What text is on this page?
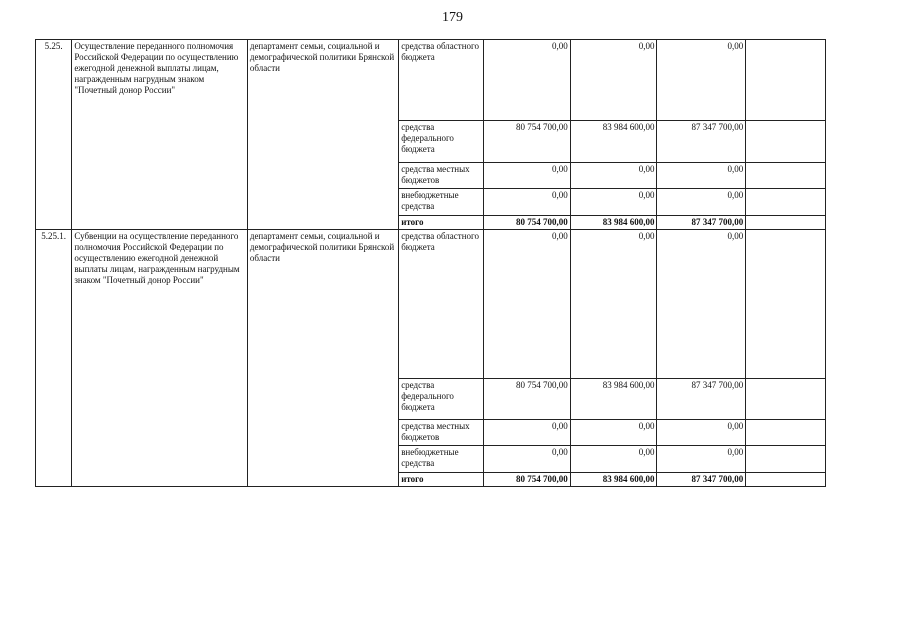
179
5.25.	Осуществление переданного полномочия Российской Федерации по осуществлению ежегодной денежной выплаты лицам, награжденным нагрудным знаком "Почетный донор России"	департамент семьи, социальной и демографической политики Брянской области	средства областного бюджета	0,00	0,00	0,00	
			средства федерального бюджета	80 754 700,00	83 984 600,00	87 347 700,00	
			средства местных бюджетов	0,00	0,00	0,00	
			внебюджетные средства	0,00	0,00	0,00	
			итого	80 754 700,00	83 984 600,00	87 347 700,00	
5.25.1.	Субвенции на осуществление переданного полномочия Российской Федерации по осуществлению ежегодной денежной выплаты лицам, награжденным нагрудным знаком "Почетный донор России"	департамент семьи, социальной и демографической политики Брянской области	средства областного бюджета	0,00	0,00	0,00	
			средства федерального бюджета	80 754 700,00	83 984 600,00	87 347 700,00	
			средства местных бюджетов	0,00	0,00	0,00	
			внебюджетные средства	0,00	0,00	0,00	
			итого	80 754 700,00	83 984 600,00	87 347 700,00	
